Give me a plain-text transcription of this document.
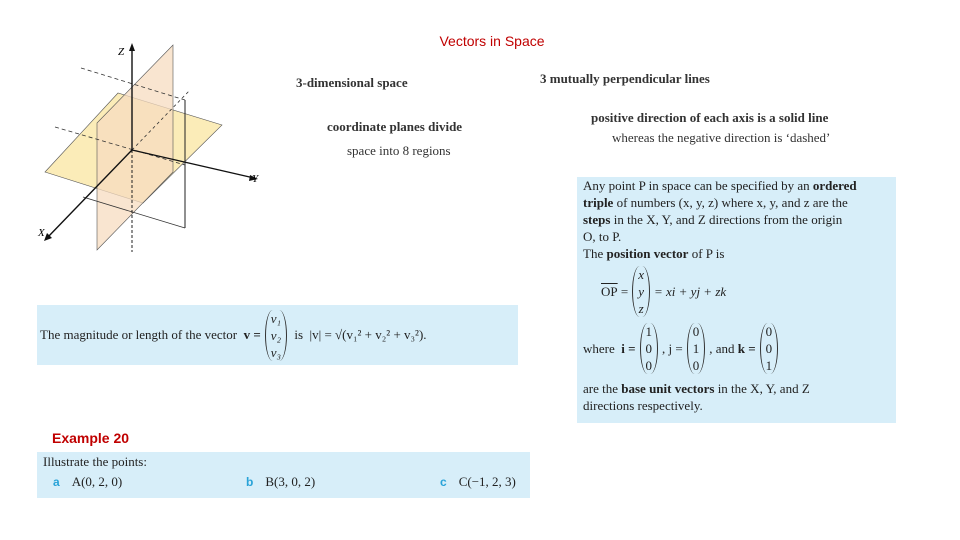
Vectors in Space
Z
Y
X
3-dimensional space	3 mutually perpendicular lines
coordinate planes divide
space into 8 regions
positive direction of each axis is a solid line
whereas the negative direction is ‘dashed’
Any point P in space can be specified by an ordered
triple of numbers (x, y, z) where x, y, and z are the
steps in the X, Y, and Z directions from the origin
O, to P.
The position vector of P is
$\overline{OP}$
=
x
y
z
= xi + yj + zk
where
i =
1
0
0
, j =
0
1
0
, and
k =
0
0
1
are the base unit vectors in the X, Y, and Z
directions respectively.
The magnitude or length of the vector
v =
v₁
v₂
v₃

is
|v| = √(v₁² + v₂² + v₃²).
Example 20
Illustrate the points:
a A(0, 2, 0)	b B(3, 0, 2)	c C(−1, 2, 3)
